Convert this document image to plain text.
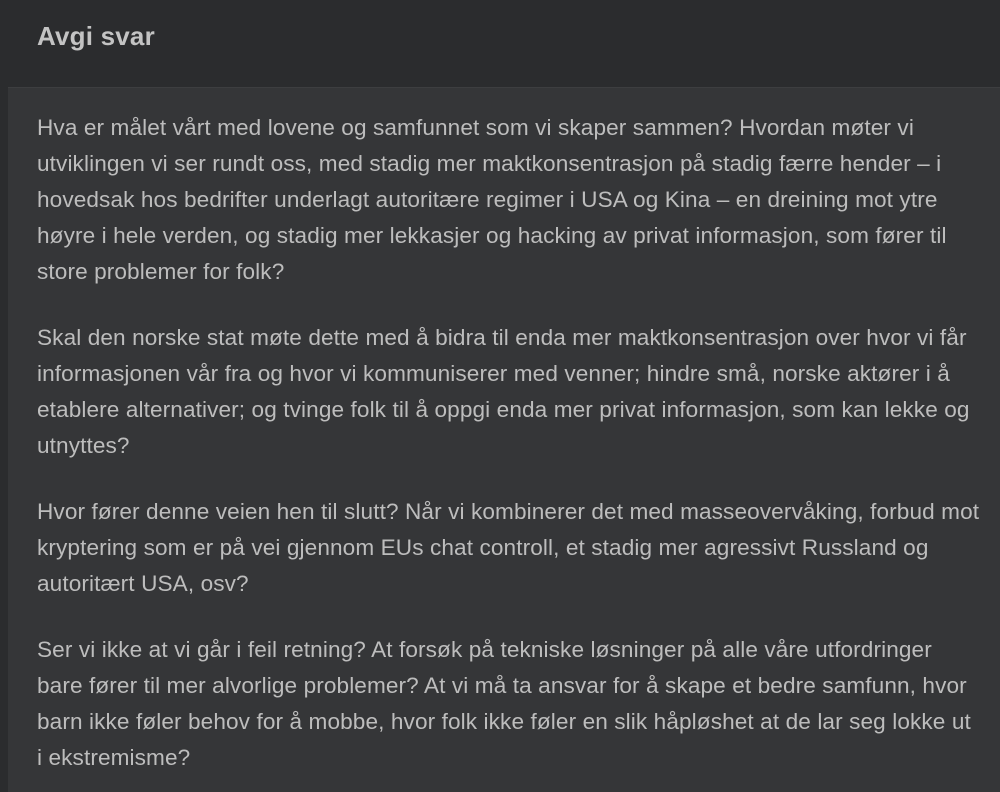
Avgi svar

Hva er målet vårt med lovene og samfunnet som vi skaper sammen? Hvordan møter vi utviklingen vi ser rundt oss, med stadig mer maktkonsentrasjon på stadig færre hender – i hovedsak hos bedrifter underlagt autoritære regimer i USA og Kina – en dreining mot ytre høyre i hele verden, og stadig mer lekkasjer og hacking av privat informasjon, som fører til store problemer for folk?

Skal den norske stat møte dette med å bidra til enda mer maktkonsentrasjon over hvor vi får informasjonen vår fra og hvor vi kommuniserer med venner; hindre små, norske aktører i å etablere alternativer; og tvinge folk til å oppgi enda mer privat informasjon, som kan lekke og utnyttes?

Hvor fører denne veien hen til slutt? Når vi kombinerer det med masseovervåking, forbud mot kryptering som er på vei gjennom EUs chat controll, et stadig mer agressivt Russland og autoritært USA, osv?

Ser vi ikke at vi går i feil retning? At forsøk på tekniske løsninger på alle våre utfordringer bare fører til mer alvorlige problemer? At vi må ta ansvar for å skape et bedre samfunn, hvor barn ikke føler behov for å mobbe, hvor folk ikke føler en slik håpløshet at de lar seg lokke ut i ekstremisme?
